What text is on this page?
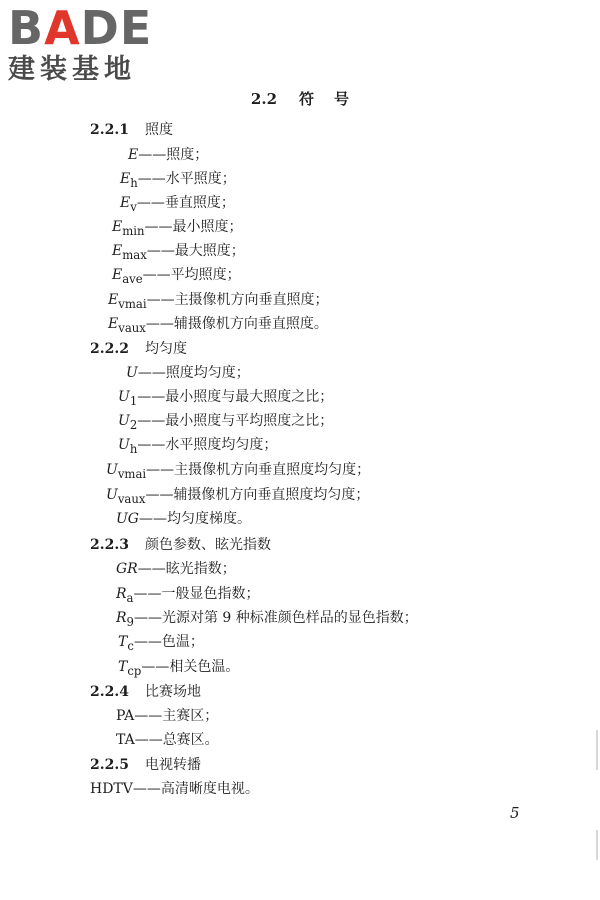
BADE
建装基地
2.2 符 号
2.2.1 照度
E——照度；
$E_h——$水平照度；
$E_v——$垂直照度；
$E_{min}——$最小照度；
$E_{max}——$最大照度；
$E_{ave}——$平均照度；
$E_{vmai}——$主摄像机方向垂直照度；
$E_{vaux}——$辅摄像机方向垂直照度。
2.2.2 均匀度
U——照度均匀度；
$U_1——$最小照度与最大照度之比；
$U_2——$最小照度与平均照度之比；
$U_h——$水平照度均匀度；
$U_{vmai}——$主摄像机方向垂直照度均匀度；
$U_{vaux}——$辅摄像机方向垂直照度均匀度；
UG——均匀度梯度。
2.2.3 颜色参数、眩光指数
GR——眩光指数；
$R_a——$一般显色指数；
$R_9——$光源对第 9 种标准颜色样品的显色指数；
$T_c——$色温；
$T_{cp}——$相关色温。
2.2.4 比赛场地
PA——主赛区；
TA——总赛区。
2.2.5 电视转播
HDTV——高清晰度电视。
5
